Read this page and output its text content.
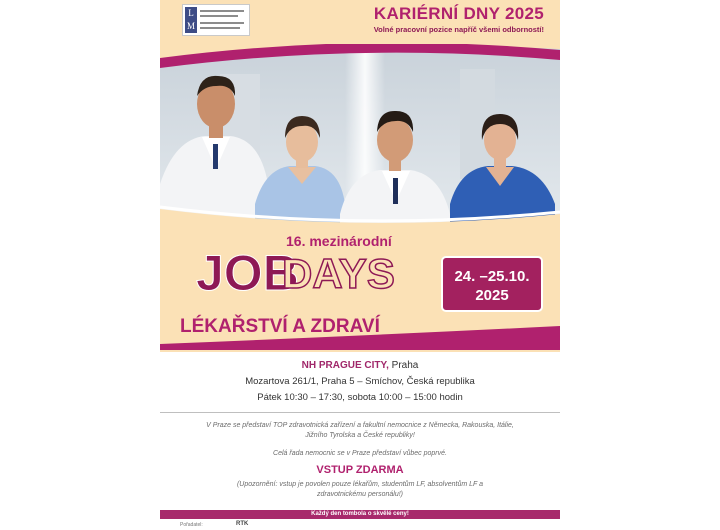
L
M
KARIÉRNÍ DNY 2025
Volné pracovní pozice napříč všemi odborností!
16. mezinárodní
JOB
DAYS
LÉKAŘSTVÍ A ZDRAVÍ
24. –25.10.
2025
NH PRAGUE CITY, Praha
Mozartova 261/1, Praha 5 – Smíchov, Česká republika
Pátek 10:30 – 17:30, sobota 10:00 – 15:00 hodin
V Praze se představí TOP zdravotnická zařízení a fakultní nemocnice z Německa, Rakouska, Itálie, Jižního Tyrolska a České republiky!
Celá řada nemocnic se v Praze představí vůbec poprvé.
VSTUP ZDARMA
(Upozornění: vstup je povolen pouze lékařům, studentům LF, absolventům LF a zdravotnickému personálu!)
Každý den tombola o skvělé ceny!
Pořadatel:	RTK
